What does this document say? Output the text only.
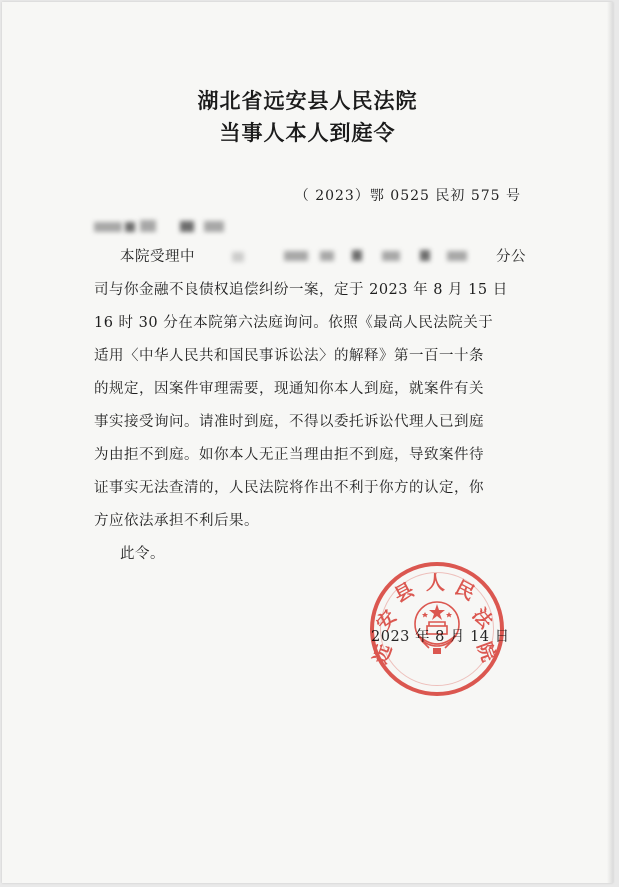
湖北省远安县人民法院
当事人本人到庭令
（ 2023）鄂 0525 民初 575 号
本院受理中	分公
司与你金融不良债权追偿纠纷一案，定于 2023 年 8 月 15 日
16 时 30 分在本院第六法庭询问。依照《最高人民法院关于
适用〈中华人民共和国民事诉讼法〉的解释》第一百一十条
的规定，因案件审理需要，现通知你本人到庭，就案件有关
事实接受询问。请准时到庭，不得以委托诉讼代理人已到庭
为由拒不到庭。如你本人无正当理由拒不到庭，导致案件待
证事实无法查清的，人民法院将作出不利于你方的认定，你
方应依法承担不利后果。
此令。
远
安
县 人 民
法
院
2023 年 8 月 14 日
